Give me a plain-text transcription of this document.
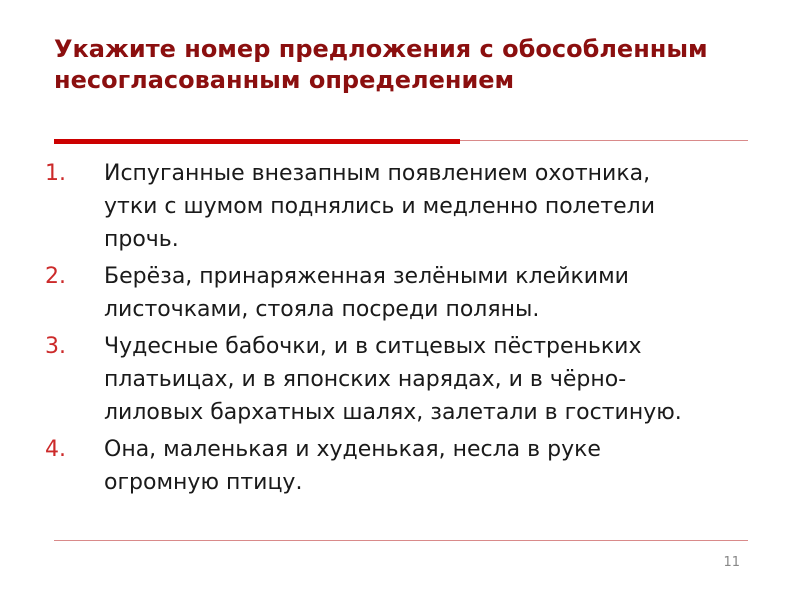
Укажите номер предложения с обособленным несогласованным определением
1. Испуганные внезапным появлением охотника, утки с шумом поднялись и медленно полетели прочь.
2. Берёза, принаряженная зелёными клейкими листочками, стояла посреди поляны.
3. Чудесные бабочки, и в ситцевых пёстреньких платьицах, и в японских нарядах, и в чёрно-лиловых бархатных шалях, залетали в гостиную.
4. Она, маленькая и худенькая, несла в руке огромную птицу.
11
